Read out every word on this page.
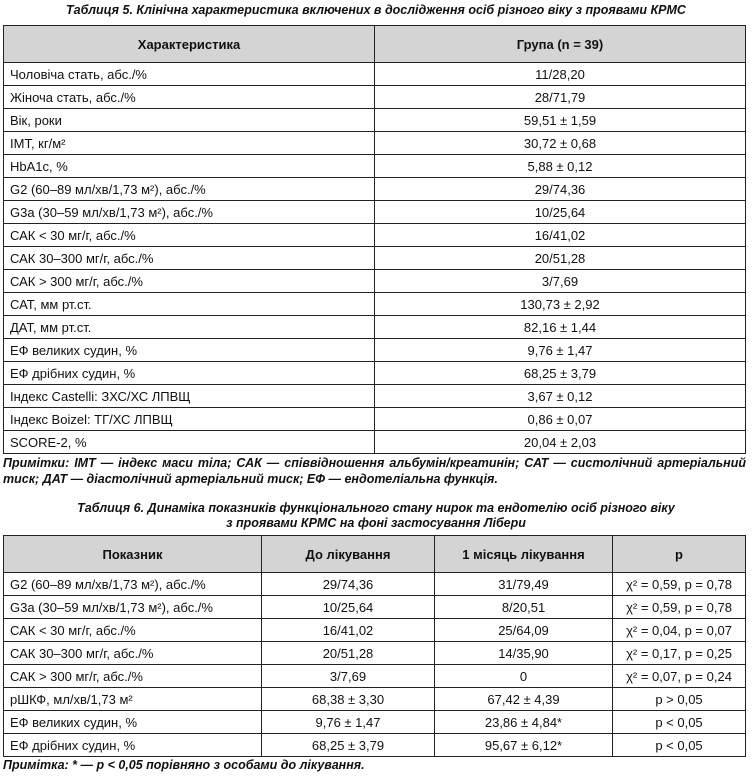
Таблиця 5. Клінічна характеристика включених в дослідження осіб різного віку з проявами КРМС
Характеристика	Група (n = 39)
Чоловіча стать, абс./%	11/28,20
Жіноча стать, абс./%	28/71,79
Вік, роки	59,51 ± 1,59
ІМТ, кг/м²	30,72 ± 0,68
HbA1c, %	5,88 ± 0,12
G2 (60–89 мл/хв/1,73 м²), абс./%	29/74,36
G3a (30–59 мл/хв/1,73 м²), абс./%	10/25,64
САК < 30 мг/г, абс./%	16/41,02
САК 30–300 мг/г, абс./%	20/51,28
САК > 300 мг/г, абс./%	3/7,69
САТ, мм рт.ст.	130,73 ± 2,92
ДАТ, мм рт.ст.	82,16 ± 1,44
ЕФ великих судин, %	9,76 ± 1,47
ЕФ дрібних судин, %	68,25 ± 3,79
Індекс Castelli: ЗХС/ХС ЛПВЩ	3,67 ± 0,12
Індекс Boizel: ТГ/ХС ЛПВЩ	0,86 ± 0,07
SCORE-2, %	20,04 ± 2,03
Примітки: ІМТ — індекс маси тіла; САК — співвідношення альбумін/креатинін; САТ — систолічний артеріальний тиск; ДАТ — діастолічний артеріальний тиск; ЕФ — ендотеліальна функція.
Таблиця 6. Динаміка показників функціонального стану нирок та ендотелію осіб різного віку
з проявами КРМС на фоні застосування Лібери
Показник	До лікування	1 місяць лікування	p
G2 (60–89 мл/хв/1,73 м²), абс./%	29/74,36	31/79,49	χ² = 0,59, p = 0,78
G3a (30–59 мл/хв/1,73 м²), абс./%	10/25,64	8/20,51	χ² = 0,59, p = 0,78
САК < 30 мг/г, абс./%	16/41,02	25/64,09	χ² = 0,04, p = 0,07
САК 30–300 мг/г, абс./%	20/51,28	14/35,90	χ² = 0,17, p = 0,25
САК > 300 мг/г, абс./%	3/7,69	0	χ² = 0,07, p = 0,24
рШКФ, мл/хв/1,73 м²	68,38 ± 3,30	67,42 ± 4,39	p > 0,05
ЕФ великих судин, %	9,76 ± 1,47	23,86 ± 4,84*	p < 0,05
ЕФ дрібних судин, %	68,25 ± 3,79	95,67 ± 6,12*	p < 0,05
Примітка: * — p < 0,05 порівняно з особами до лікування.
